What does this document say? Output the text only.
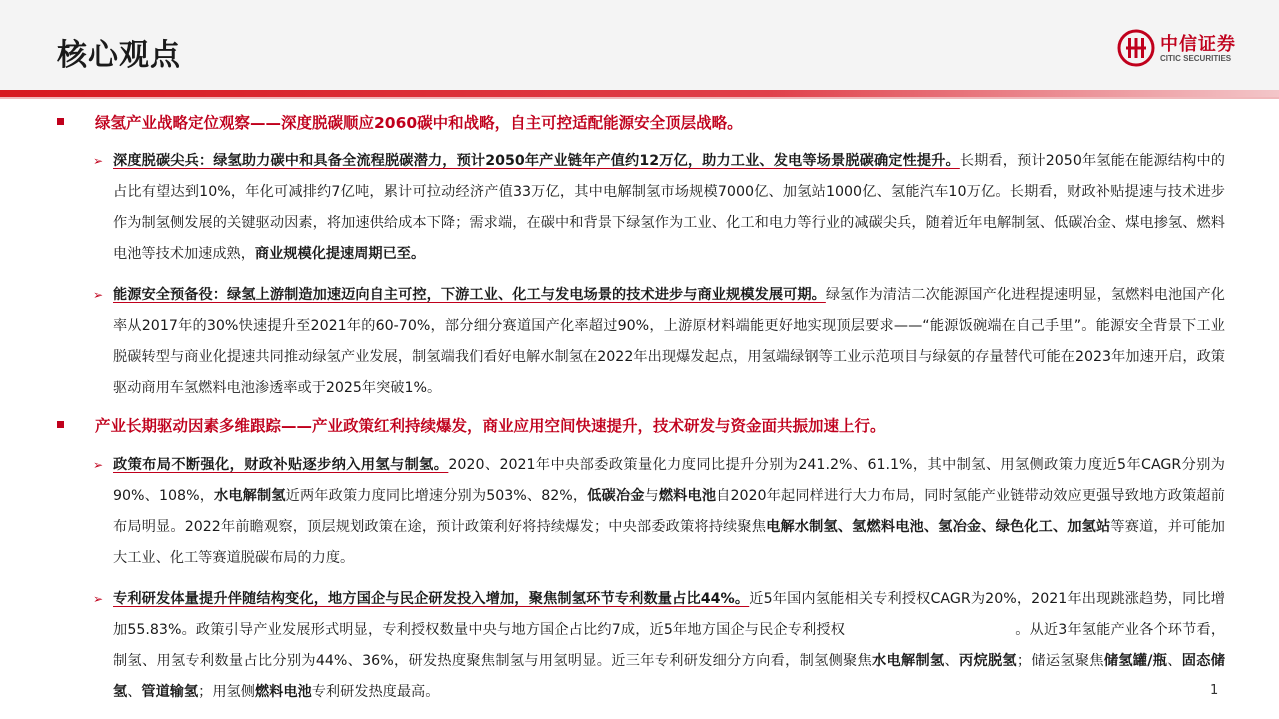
核心观点	中信证券
CITIC SECURITIES
绿氢产业战略定位观察——深度脱碳顺应2060碳中和战略，自主可控适配能源安全顶层战略。
➢ 深度脱碳尖兵：绿氢助力碳中和具备全流程脱碳潜力，预计2050年产业链年产值约12万亿，助力工业、发电等场景脱碳确定性提升。长期看，预计2050年氢能在能源结构中的占比有望达到10%，年化可减排约7亿吨，累计可拉动经济产值33万亿，其中电解制氢市场规模7000亿、加氢站1000亿、氢能汽车10万亿。长期看，财政补贴提速与技术进步作为制氢侧发展的关键驱动因素，将加速供给成本下降；需求端，在碳中和背景下绿氢作为工业、化工和电力等行业的减碳尖兵，随着近年电解制氢、低碳冶金、煤电掺氢、燃料电池等技术加速成熟，商业规模化提速周期已至。
➢ 能源安全预备役：绿氢上游制造加速迈向自主可控，下游工业、化工与发电场景的技术进步与商业规模发展可期。绿氢作为清洁二次能源国产化进程提速明显，氢燃料电池国产化率从2017年的30%快速提升至2021年的60-70%，部分细分赛道国产化率超过90%，上游原材料端能更好地实现顶层要求——“能源饭碗端在自己手里”。能源安全背景下工业脱碳转型与商业化提速共同推动绿氢产业发展，制氢端我们看好电解水制氢在2022年出现爆发起点，用氢端绿钢等工业示范项目与绿氨的存量替代可能在2023年加速开启，政策驱动商用车氢燃料电池渗透率或于2025年突破1%。
产业长期驱动因素多维跟踪——产业政策红利持续爆发，商业应用空间快速提升，技术研发与资金面共振加速上行。
➢ 政策布局不断强化，财政补贴逐步纳入用氢与制氢。2020、2021年中央部委政策量化力度同比提升分别为241.2%、61.1%，其中制氢、用氢侧政策力度近5年CAGR分别为90%、108%，水电解制氢近两年政策力度同比增速分别为503%、82%，低碳冶金与燃料电池自2020年起同样进行大力布局，同时氢能产业链带动效应更强导致地方政策超前布局明显。2022年前瞻观察，顶层规划政策在途，预计政策利好将持续爆发；中央部委政策将持续聚焦电解水制氢、氢燃料电池、氢冶金、绿色化工、加氢站等赛道，并可能加大工业、化工等赛道脱碳布局的力度。
➢ 专利研发体量提升伴随结构变化，地方国企与民企研发投入增加，聚焦制氢环节专利数量占比44%。近5年国内氢能相关专利授权CAGR为20%，2021年出现跳涨趋势，同比增加55.83%。政策引导产业发展形式明显，专利授权数量中央与地方国企占比约7成，近5年地方国企与民企专利授权	。从近3年氢能产业各个环节看，制氢、用氢专利数量占比分别为44%、36%，研发热度聚焦制氢与用氢明显。近三年专利研发细分方向看，制氢侧聚焦水电解制氢、丙烷脱氢；储运氢聚焦储氢罐/瓶、固态储氢、管道输氢；用氢侧燃料电池专利研发热度最高。	1
